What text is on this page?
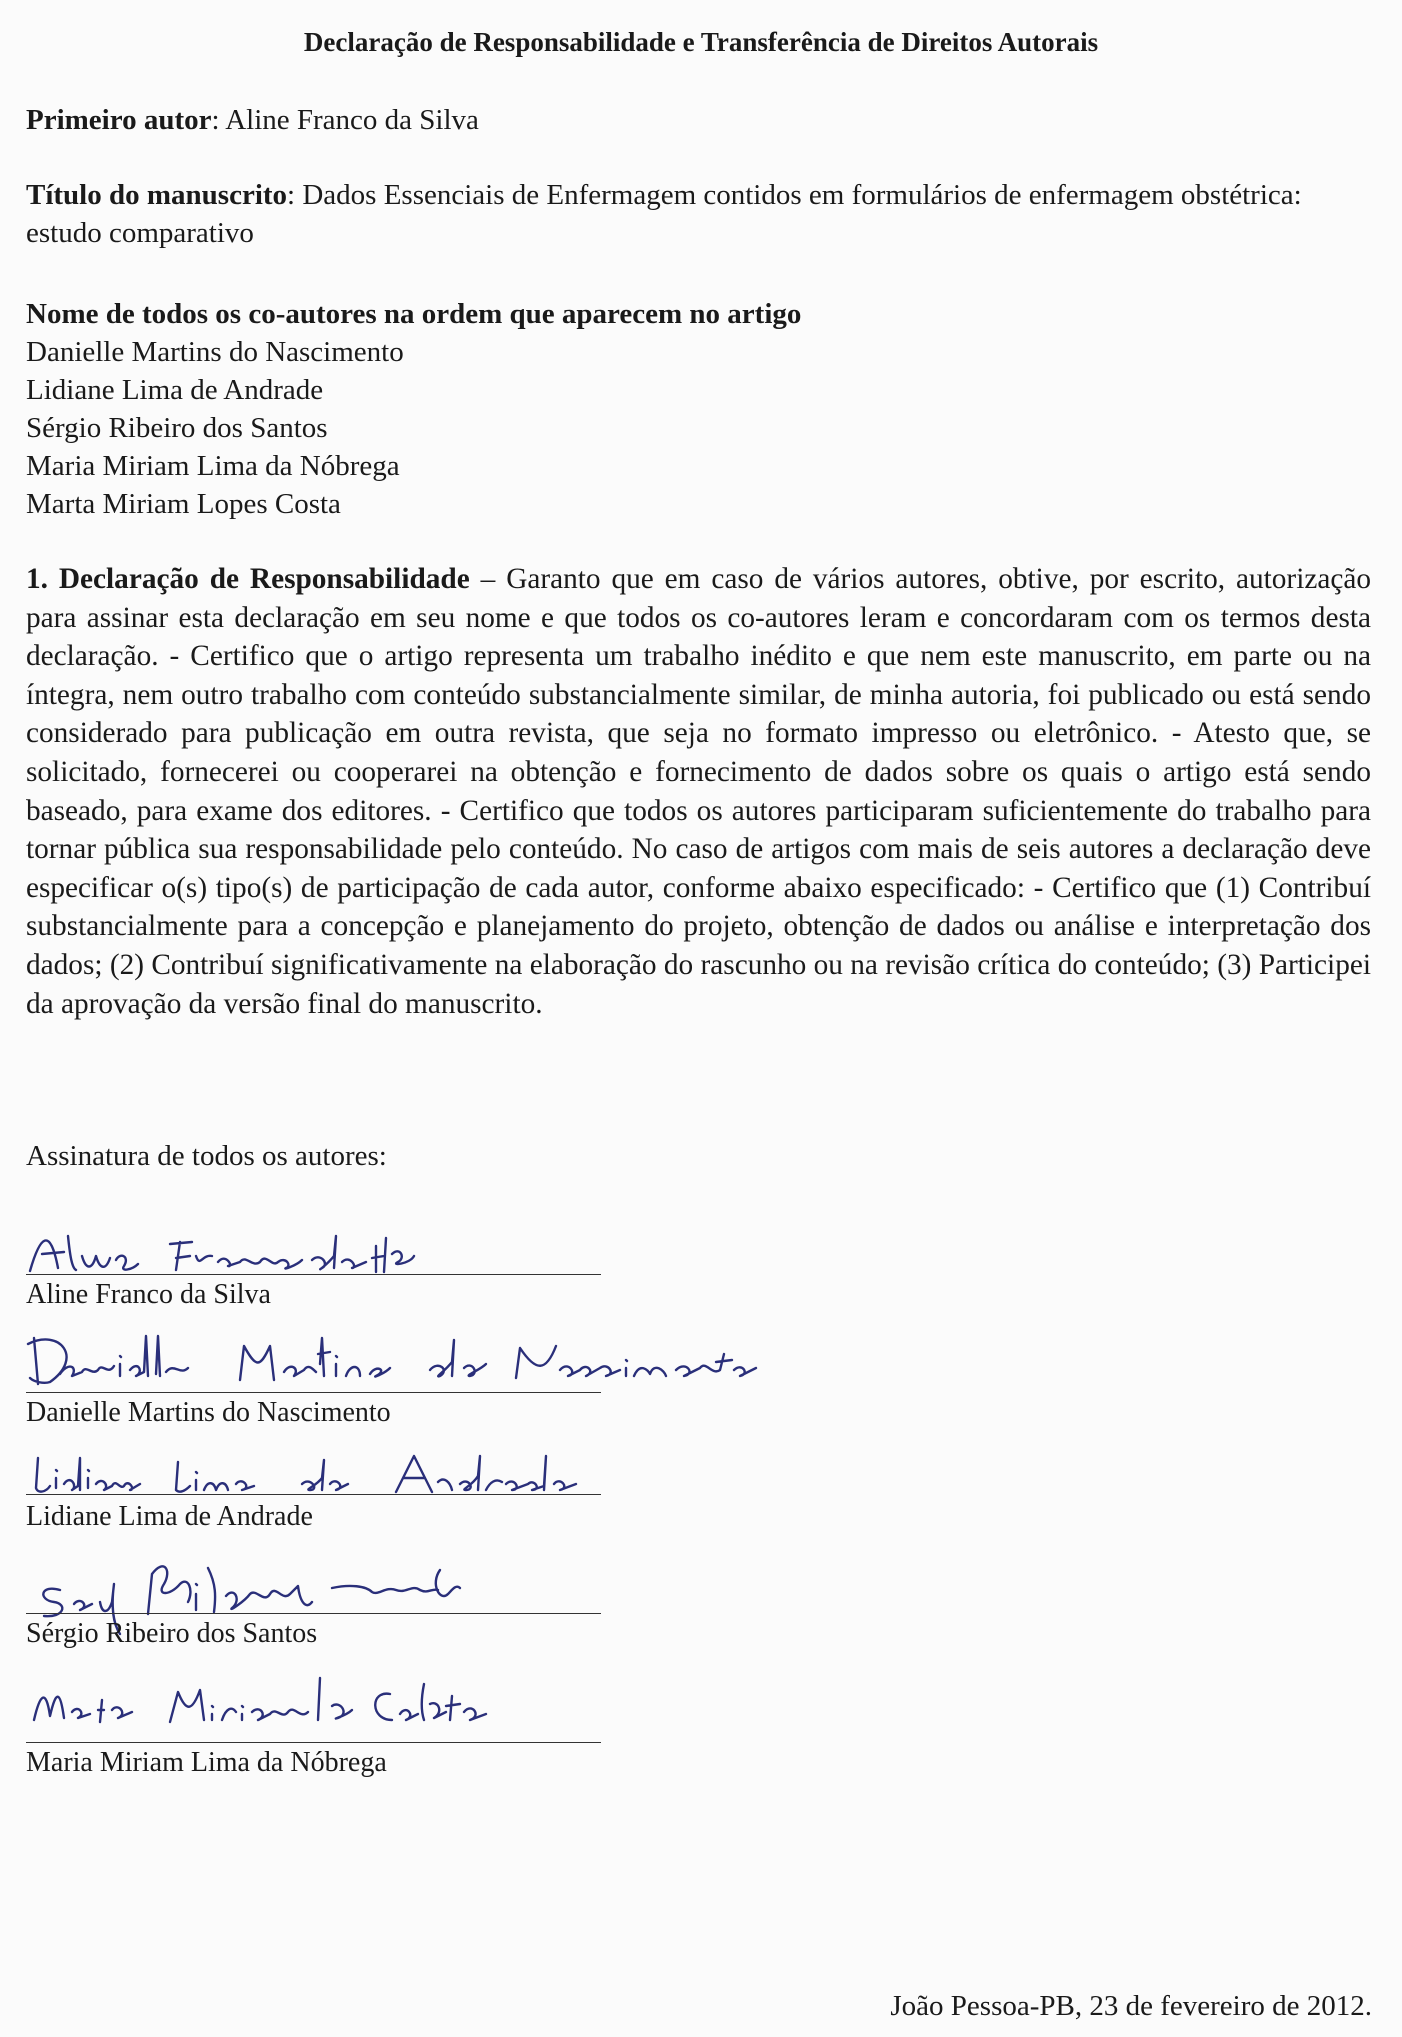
Declaração de Responsabilidade e Transferência de Direitos Autorais
Primeiro autor: Aline Franco da Silva
Título do manuscrito: Dados Essenciais de Enfermagem contidos em formulários de enfermagem obstétrica: estudo comparativo
Nome de todos os co-autores na ordem que aparecem no artigo
Danielle Martins do Nascimento
Lidiane Lima de Andrade
Sérgio Ribeiro dos Santos
Maria Miriam Lima da Nóbrega
Marta Miriam Lopes Costa
1. Declaração de Responsabilidade – Garanto que em caso de vários autores, obtive, por escrito, autorização para assinar esta declaração em seu nome e que todos os co-autores leram e concordaram com os termos desta declaração. - Certifico que o artigo representa um trabalho inédito e que nem este manuscrito, em parte ou na íntegra, nem outro trabalho com conteúdo substancialmente similar, de minha autoria, foi publicado ou está sendo considerado para publicação em outra revista, que seja no formato impresso ou eletrônico. - Atesto que, se solicitado, fornecerei ou cooperarei na obtenção e fornecimento de dados sobre os quais o artigo está sendo baseado, para exame dos editores. - Certifico que todos os autores participaram suficientemente do trabalho para tornar pública sua responsabilidade pelo conteúdo. No caso de artigos com mais de seis autores a declaração deve especificar o(s) tipo(s) de participação de cada autor, conforme abaixo especificado: - Certifico que (1) Contribuí substancialmente para a concepção e planejamento do projeto, obtenção de dados ou análise e interpretação dos dados; (2) Contribuí significativamente na elaboração do rascunho ou na revisão crítica do conteúdo; (3) Participei da aprovação da versão final do manuscrito.
Assinatura de todos os autores:
Aline Franco da Silva
Danielle Martins do Nascimento
Lidiane Lima de Andrade
Sérgio Ribeiro dos Santos
Maria Miriam Lima da Nóbrega
João Pessoa-PB, 23 de fevereiro de 2012.
